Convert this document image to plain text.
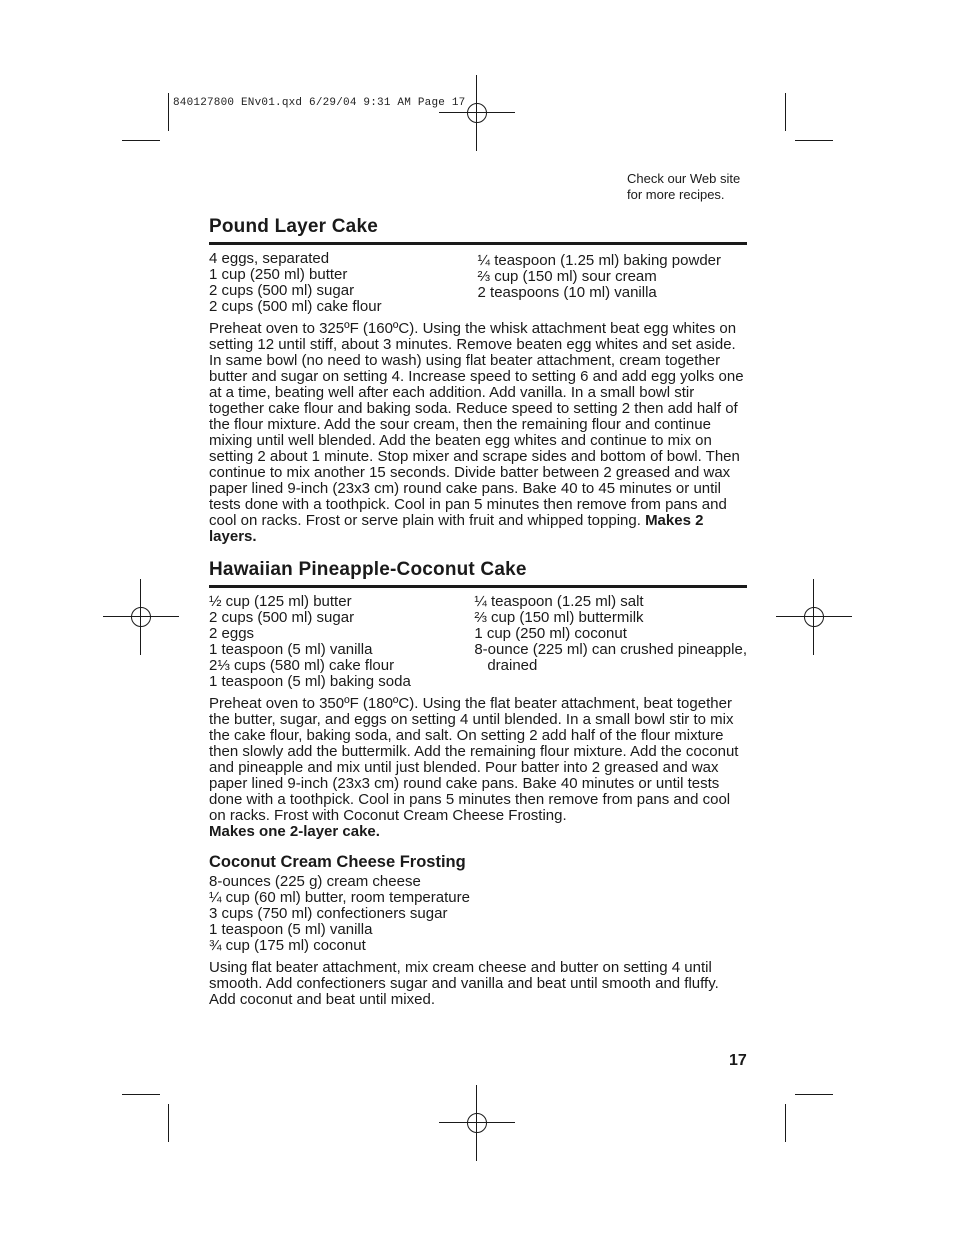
840127800 ENv01.qxd 6/29/04 9:31 AM Page 17
Check our Web site
for more recipes.
Pound Layer Cake
4 eggs, separated
1 cup (250 ml) butter
2 cups (500 ml) sugar
2 cups (500 ml) cake flour
¼ teaspoon (1.25 ml) baking powder
⅔ cup (150 ml) sour cream
2 teaspoons (10 ml) vanilla

Preheat oven to 325ºF (160ºC). Using the whisk attachment beat egg whites on setting 12 until stiff, about 3 minutes. Remove beaten egg whites and set aside. In same bowl (no need to wash) using flat beater attachment, cream together butter and sugar on setting 4. Increase speed to setting 6 and add egg yolks one at a time, beating well after each addition. Add vanilla. In a small bowl stir together cake flour and baking soda. Reduce speed to setting 2 then add half of the flour mixture. Add the sour cream, then the remaining flour and continue mixing until well blended. Add the beaten egg whites and continue to mix on setting 2 about 1 minute. Stop mixer and scrape sides and bottom of bowl. Then continue to mix another 15 seconds. Divide batter between 2 greased and wax paper lined 9-inch (23x3 cm) round cake pans. Bake 40 to 45 minutes or until tests done with a toothpick. Cool in pan 5 minutes then remove from pans and cool on racks. Frost or serve plain with fruit and whipped topping. Makes 2 layers.

Hawaiian Pineapple-Coconut Cake
½ cup (125 ml) butter
2 cups (500 ml) sugar
2 eggs
1 teaspoon (5 ml) vanilla
2⅓ cups (580 ml) cake flour
1 teaspoon (5 ml) baking soda
¼ teaspoon (1.25 ml) salt
⅔ cup (150 ml) buttermilk
1 cup (250 ml) coconut
8-ounce (225 ml) can crushed pineapple,
drained

Preheat oven to 350ºF (180ºC). Using the flat beater attachment, beat together the butter, sugar, and eggs on setting 4 until blended. In a small bowl stir to mix the cake flour, baking soda, and salt. On setting 2 add half of the flour mixture then slowly add the buttermilk. Add the remaining flour mixture. Add the coconut and pineapple and mix until just blended. Pour batter into 2 greased and wax paper lined 9-inch (23x3 cm) round cake pans. Bake 40 minutes or until tests done with a toothpick. Cool in pans 5 minutes then remove from pans and cool on racks. Frost with Coconut Cream Cheese Frosting.

Makes one 2-layer cake.

Coconut Cream Cheese Frosting
8-ounces (225 g) cream cheese
¼ cup (60 ml) butter, room temperature
3 cups (750 ml) confectioners sugar
1 teaspoon (5 ml) vanilla
¾ cup (175 ml) coconut

Using flat beater attachment, mix cream cheese and butter on setting 4 until smooth. Add confectioners sugar and vanilla and beat until smooth and fluffy. Add coconut and beat until mixed.

17
